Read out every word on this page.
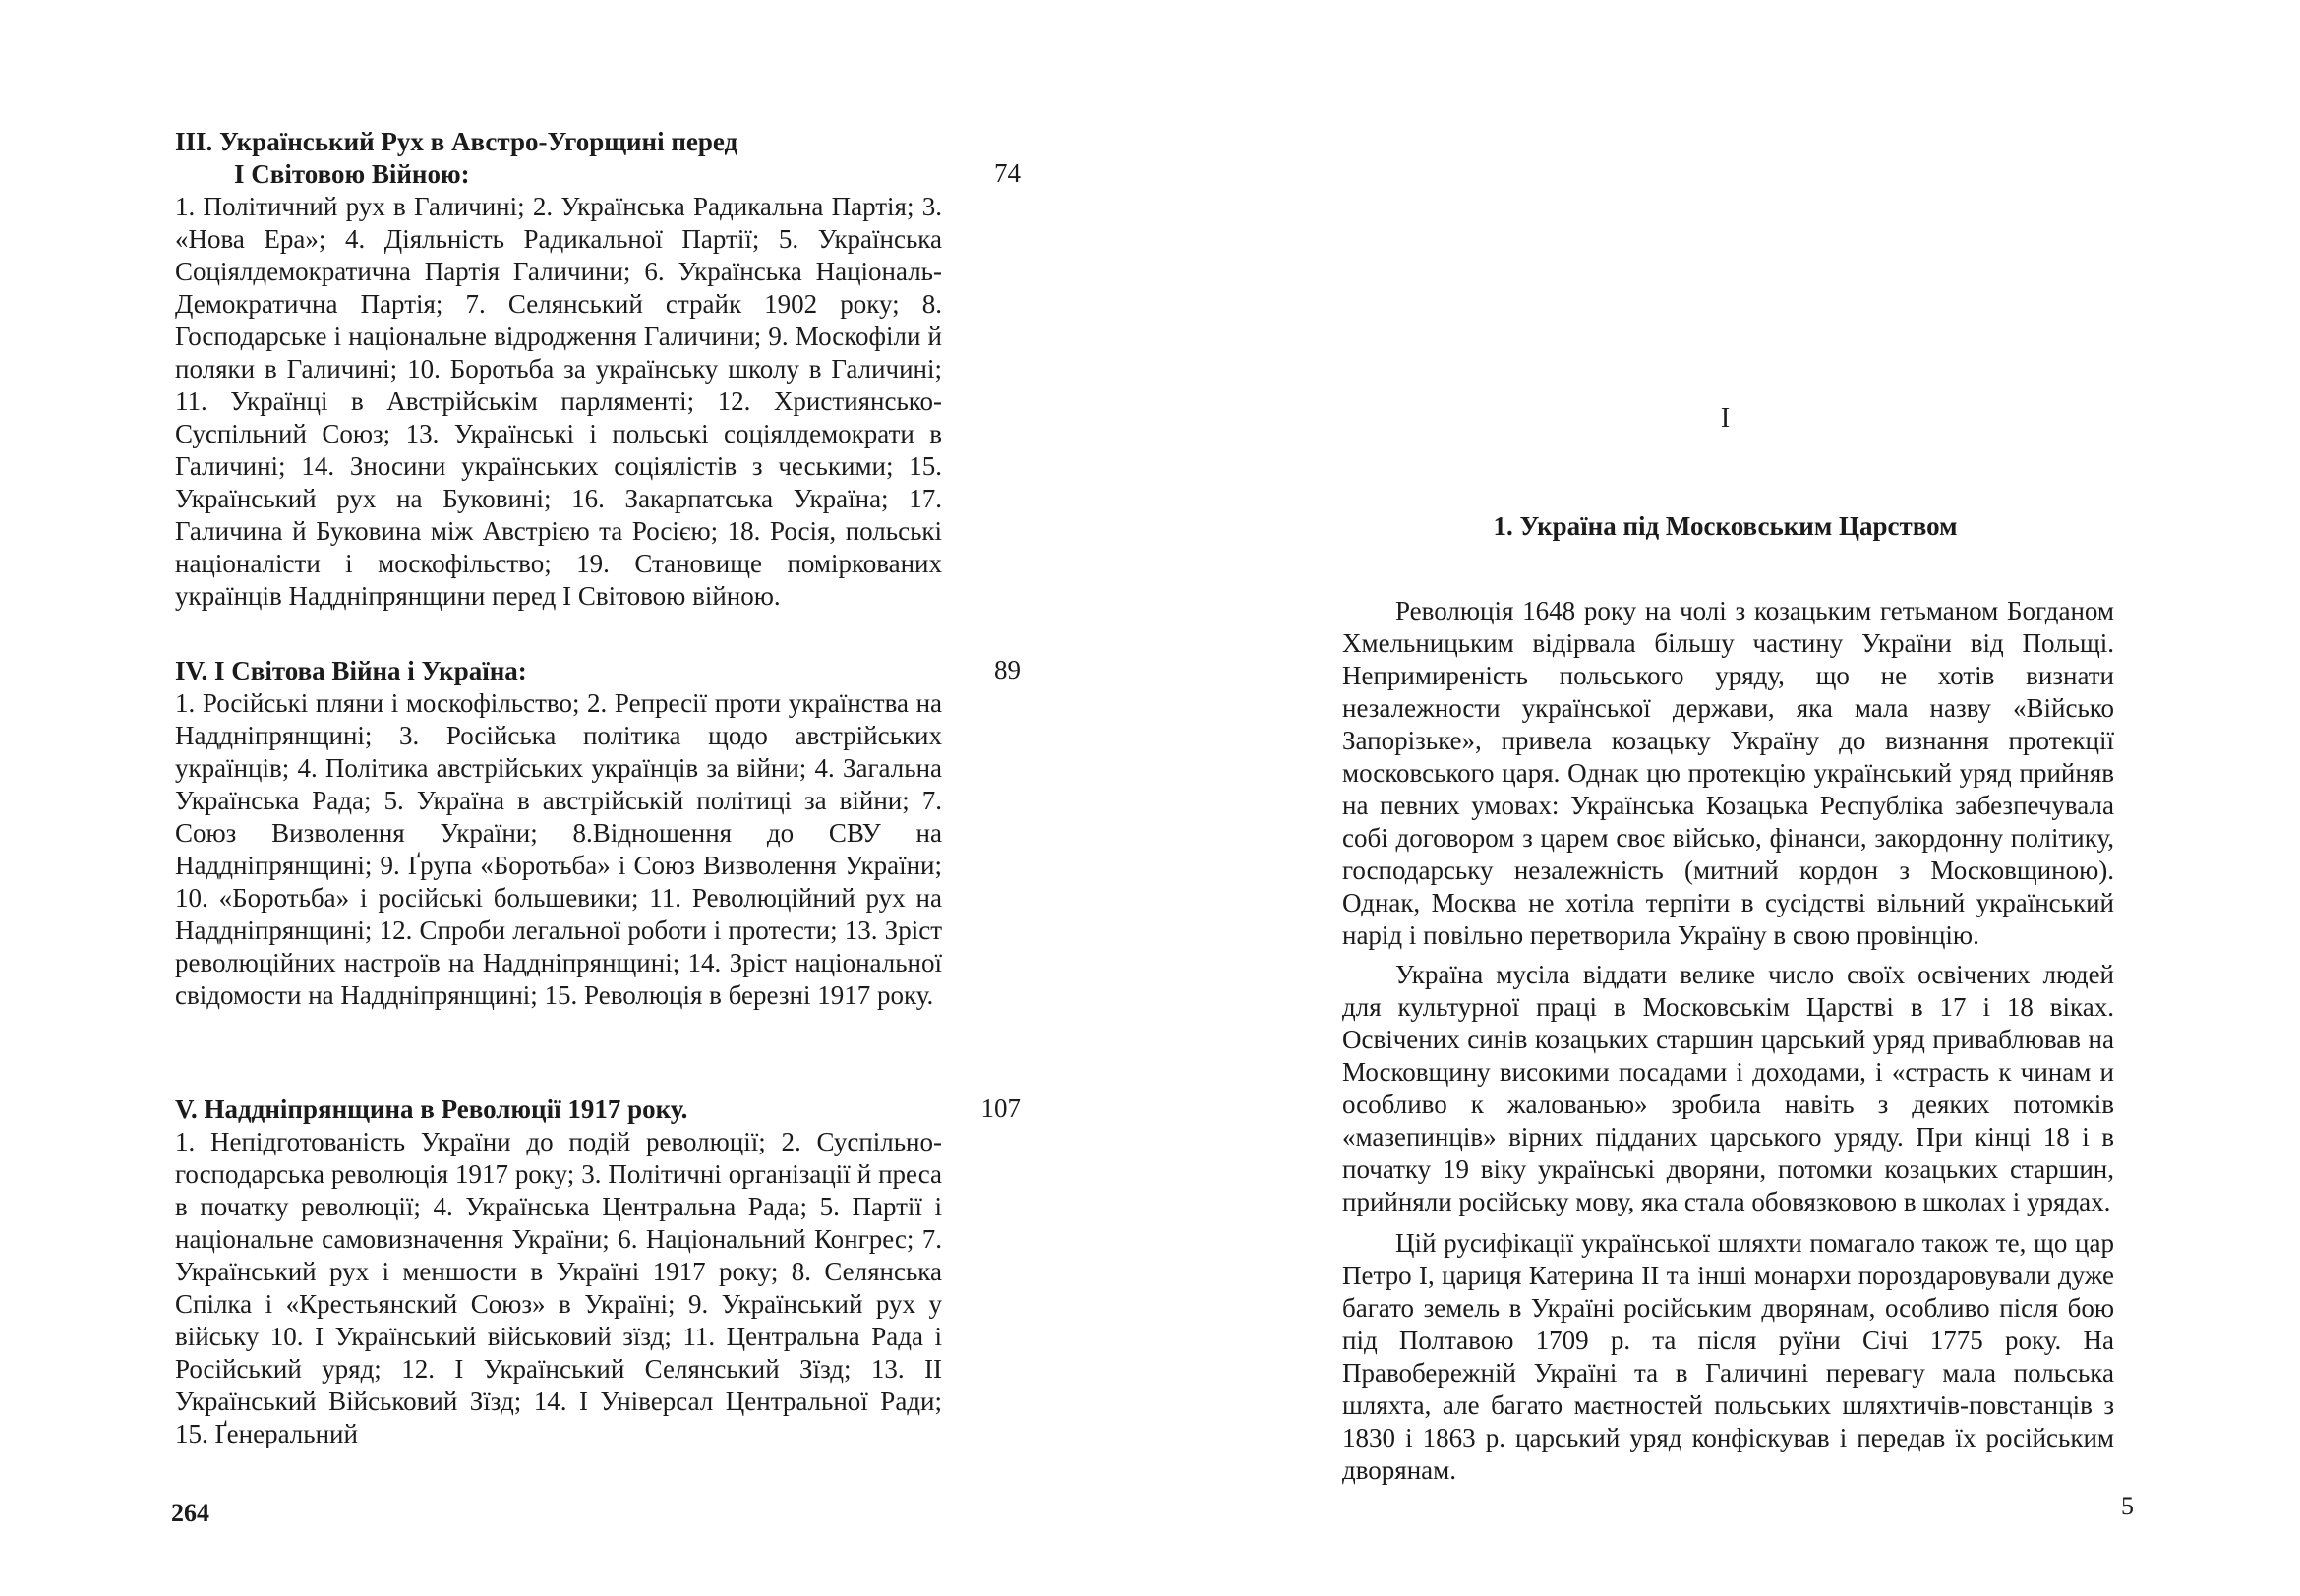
III. Український Рух в Австро-Угорщині перед
I Світовою Війною:	74

1. Політичний рух в Галичині; 2. Українська Радикальна Партія; 3. «Нова Ера»; 4. Діяльність Радикальної Партії; 5. Українська Соціялдемократична Партія Галичини; 6. Українська Національ-Демократична Партія; 7. Селянський страйк 1902 року; 8. Господарське і національне відродження Галичини; 9. Москофіли й поляки в Галичині; 10. Боротьба за українську школу в Галичині; 11. Українці в Австрійськім парляменті; 12. Християнсько-Суспільний Союз; 13. Українські і польські соціялдемократи в Галичині; 14. Зносини українських соціялістів з чеськими; 15. Український рух на Буковині; 16. Закарпатська Україна; 17. Галичина й Буковина між Австрією та Росією; 18. Росія, польські націоналісти і москофільство; 19. Становище поміркованих українців Наддніпрянщини перед I Світовою війною.

IV. I Світова Війна і Україна:	89

1. Російські пляни і москофільство; 2. Репресії проти українства на Наддніпрянщині; 3. Російська політика щодо австрійських українців; 4. Політика австрійських українців за війни; 4. Загальна Українська Рада; 5. Україна в австрійській політиці за війни; 7. Союз Визволення України; 8.Відношення до СВУ на Наддніпрянщині; 9. Ґрупа «Боротьба» і Союз Визволення України; 10. «Боротьба» і російські большевики; 11. Революційний рух на Наддніпрянщині; 12. Спроби легальної роботи і протести; 13. Зріст революційних настроїв на Наддніпрянщині; 14. Зріст національної свідомости на Наддніпрянщині; 15. Революція в березні 1917 року.

V. Наддніпрянщина в Революції 1917 року.	107

1. Непідготованість України до подій революції; 2. Суспільно-господарська революція 1917 року; 3. Політичні організації й преса в початку революції; 4. Українська Центральна Рада; 5. Партії і національне самовизначення України; 6. Національний Конгрес; 7. Український рух і меншости в Україні 1917 року; 8. Селянська Спілка і «Крестьянский Союз» в Україні; 9. Український рух у війську 10. I Український військовий зїзд; 11. Центральна Рада і Російський уряд; 12. I Український Селянський Зїзд; 13. II Український Військовий Зїзд; 14. I Універсал Центральної Ради; 15. Ґенеральний

264
I
1. Україна під Московським Царством

Революція 1648 року на чолі з козацьким гетьманом Богданом Хмельницьким відірвала більшу частину України від Польщі. Непримиреність польського уряду, що не хотів визнати незалежности української держави, яка мала назву «Військо Запорізьке», привела козацьку Україну до визнання протекції московського царя. Однак цю протекцію український уряд прийняв на певних умовах: Українська Козацька Республіка забезпечувала собі договором з царем своє військо, фінанси, закордонну політику, господарську незалежність (митний кордон з Московщиною). Однак, Москва не хотіла терпіти в сусідстві вільний український нарід і повільно перетворила Україну в свою провінцію.

Україна мусіла віддати велике число своїх освічених людей для культурної праці в Московськім Царстві в 17 і 18 віках. Освічених синів козацьких старшин царський уряд приваблював на Московщину високими посадами і доходами, і «страсть к чинам и особливо к жалованью» зробила навіть з деяких потомків «мазепинців» вірних підданих царського уряду. При кінці 18 і в початку 19 віку українські дворяни, потомки козацьких старшин, прийняли російську мову, яка стала обовязковою в школах і урядах.

Цій русифікації української шляхти помагало також те, що цар Петро I, цариця Катерина II та інші монархи пороздаровували дуже багато земель в Україні російським дворянам, особливо після бою під Полтавою 1709 р. та після руїни Січі 1775 року. На Правобережній Україні та в Галичині перевагу мала польська шляхта, але багато маєтностей польських шляхтичів-повстанців з 1830 і 1863 р. царський уряд конфіскував і передав їх російським дворянам.

5
